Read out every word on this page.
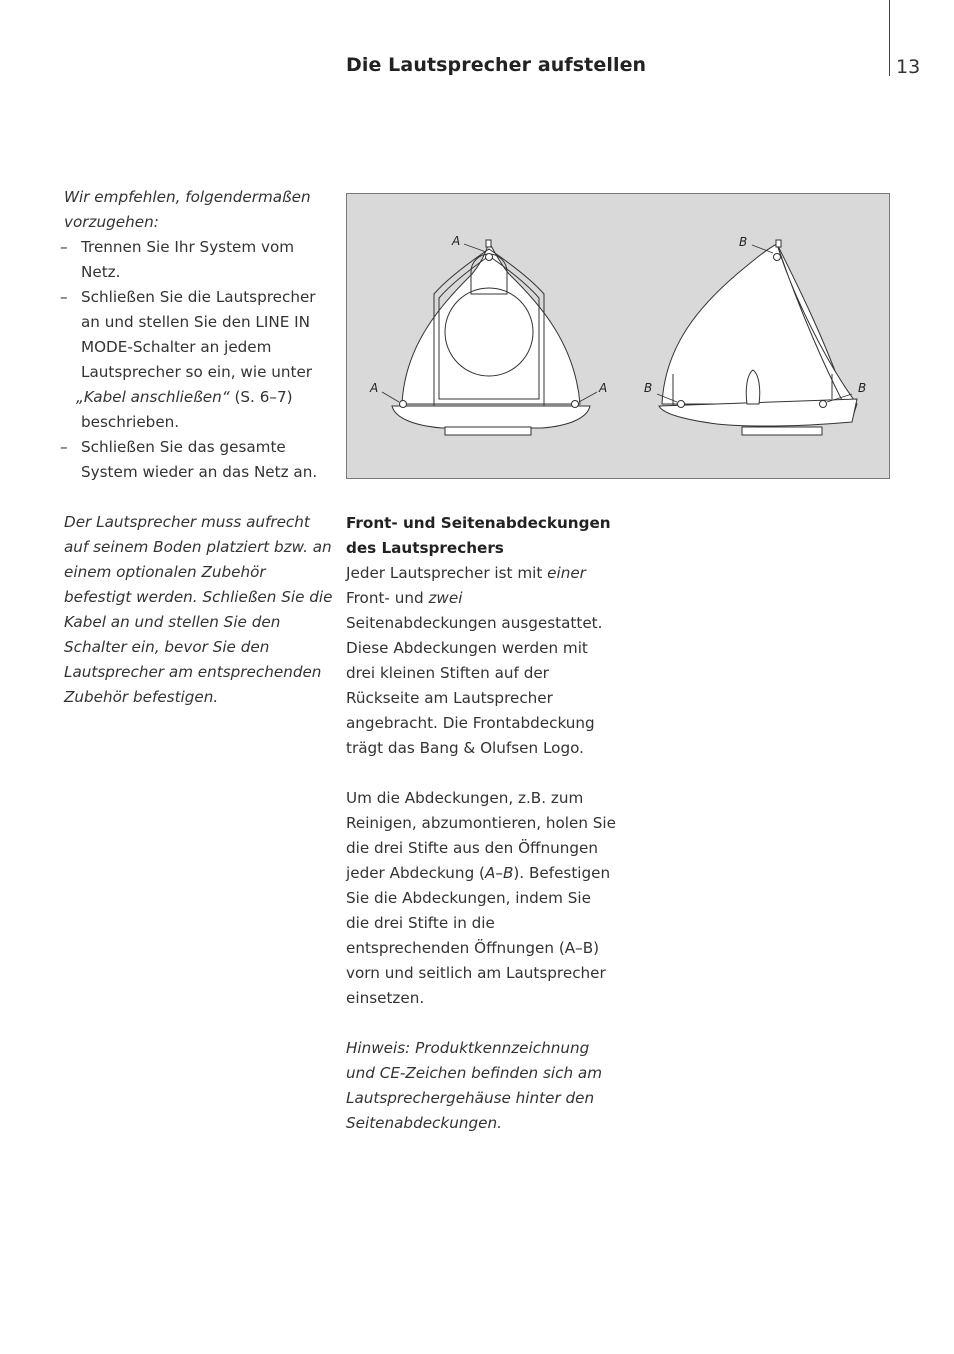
Die Lautsprecher aufstellen	13

Wir empfehlen, folgendermaßen vorzugehen:

– Trennen Sie Ihr System vom Netz.
– Schließen Sie die Lautsprecher an und stellen Sie den LINE IN MODE-Schalter an jedem Lautsprecher so ein, wie unter
„Kabel anschließen“ (S. 6–7) beschrieben.
– Schließen Sie das gesamte System wieder an das Netz an.

Der Lautsprecher muss aufrecht auf seinem Boden platziert bzw. an einem optionalen Zubehör befestigt werden. Schließen Sie die Kabel an und stellen Sie den Schalter ein, bevor Sie den Lautsprecher am entsprechenden Zubehör befestigen.

A
A	A
B
B	B

Front- und Seitenabdeckungen des Lautsprechers

Jeder Lautsprecher ist mit einer Front- und zwei Seitenabdeckungen ausgestattet. Diese Abdeckungen werden mit drei kleinen Stiften auf der Rückseite am Lautsprecher angebracht. Die Frontabdeckung trägt das Bang & Olufsen Logo.

Um die Abdeckungen, z.B. zum Reinigen, abzumontieren, holen Sie die drei Stifte aus den Öffnungen jeder Abdeckung (A–B). Befestigen Sie die Abdeckungen, indem Sie die drei Stifte in die entsprechenden Öffnungen (A–B) vorn und seitlich am Lautsprecher einsetzen.

Hinweis: Produktkennzeichnung und CE-Zeichen befinden sich am Lautsprechergehäuse hinter den Seitenabdeckungen.
